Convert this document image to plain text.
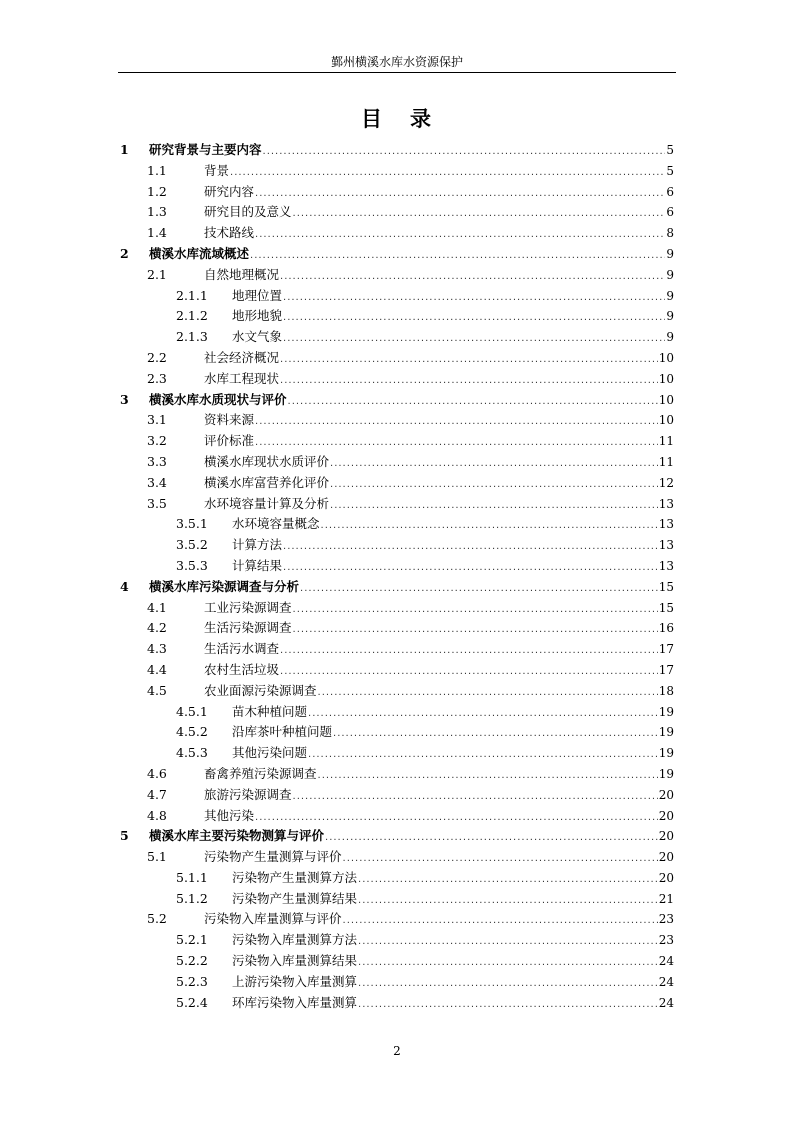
鄞州横溪水库水资源保护
目 录
1 研究背景与主要内容 .....	5
1.1	背景 .....	5
1.2	研究内容 .....	6
1.3	研究目的及意义 .....	6
1.4	技术路线 .....	8
2 横溪水库流域概述 .....	9
2.1	自然地理概况 .....	9
2.1.1 地理位置 .....	9
2.1.2 地形地貌 .....	9
2.1.3 水文气象 .....	9
2.2	社会经济概况 .....	10
2.3	水库工程现状 .....	10
3 横溪水库水质现状与评价 .....	10
3.1	资料来源 .....	10
3.2	评价标准 .....	11
3.3	横溪水库现状水质评价 .....	11
3.4	横溪水库富营养化评价 .....	12
3.5	水环境容量计算及分析 .....	13
3.5.1 水环境容量概念 .....	13
3.5.2 计算方法 .....	13
3.5.3 计算结果 .....	13
4 横溪水库污染源调查与分析 .....	15
4.1	工业污染源调查 .....	15
4.2	生活污染源调查 .....	16
4.3	生活污水调查 .....	17
4.4	农村生活垃圾 .....	17
4.5	农业面源污染源调查 .....	18
4.5.1 苗木种植问题 .....	19
4.5.2 沿库茶叶种植问题 .....	19
4.5.3 其他污染问题 .....	19
4.6	畜禽养殖污染源调查 .....	19
4.7	旅游污染源调查 .....	20
4.8	其他污染 .....	20
5 横溪水库主要污染物测算与评价 .....	20
5.1	污染物产生量测算与评价 .....	20
5.1.1 污染物产生量测算方法 .....	20
5.1.2 污染物产生量测算结果 .....	21
5.2	污染物入库量测算与评价 .....	23
5.2.1 污染物入库量测算方法 .....	23
5.2.2 污染物入库量测算结果 .....	24
5.2.3 上游污染物入库量测算 .....	24
5.2.4 环库污染物入库量测算 .....	24
2
